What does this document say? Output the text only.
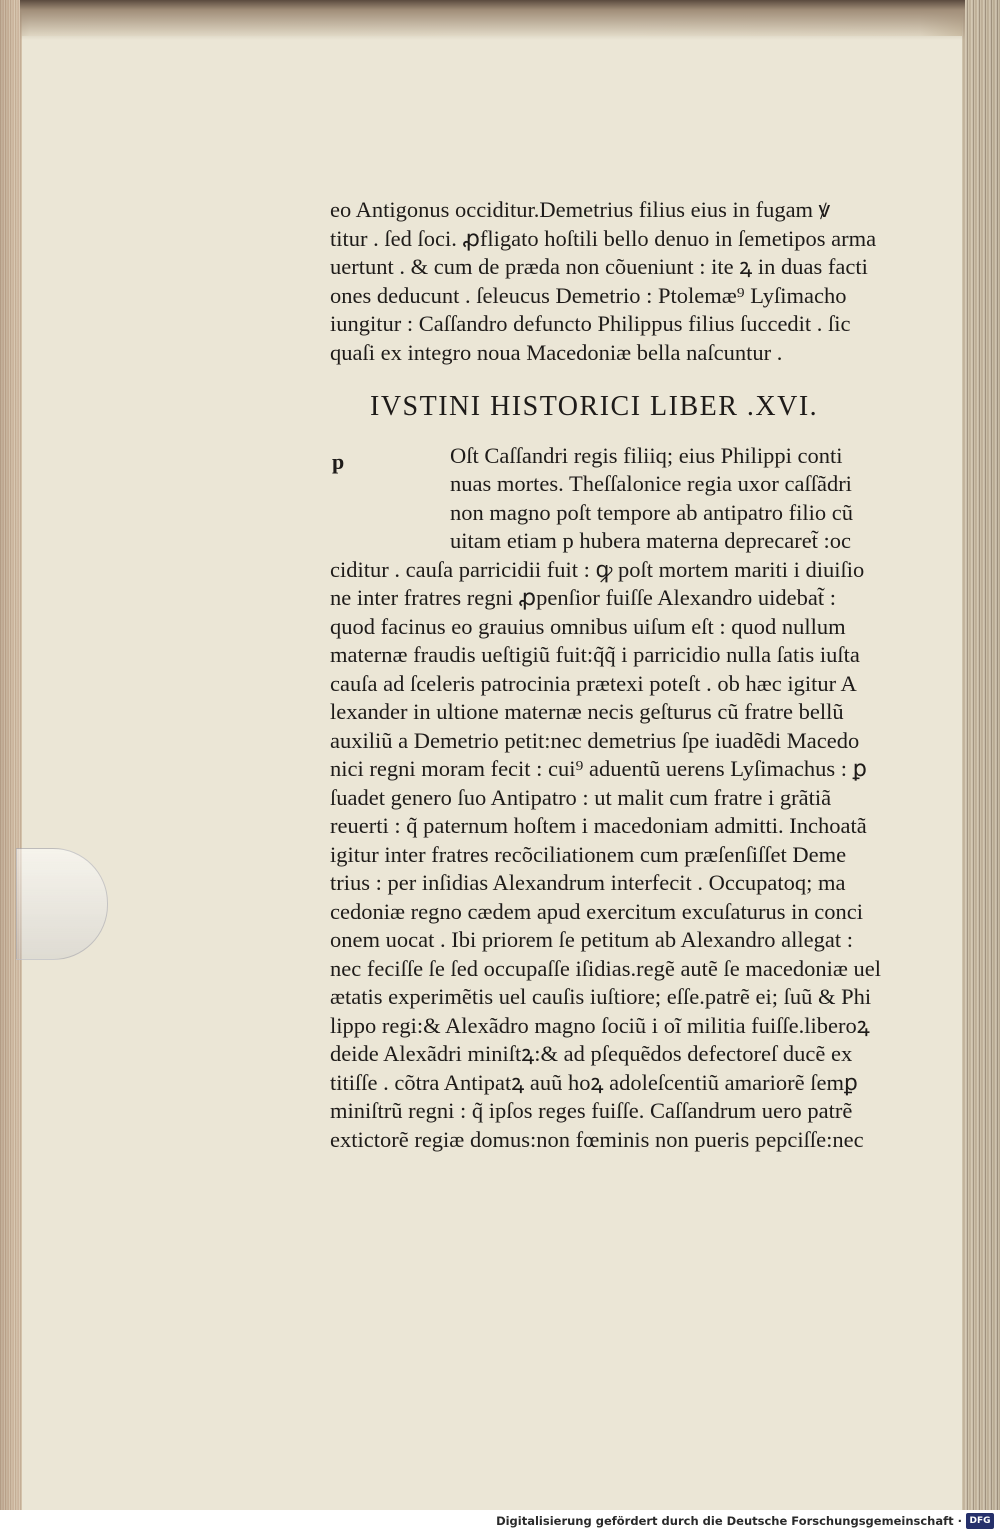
eo Antigonus occiditur.Demetrius filius eius in fugam ꝟ
titur . ſed ſoci. ꝓfligato hoſtili bello denuo in ſemetipos arma
uertunt . & cum de præda non cõueniunt : ite ꝝ in duas facti
ones deducunt . ſeleucus Demetrio : Ptolemæ⁹ Lyſimacho
iungitur : Caſſandro defuncto Philippus filius ſuccedit . ſic
quaſi ex integro noua Macedoniæ bella naſcuntur .
IVSTINI HISTORICI LIBER .XVI.
p	Oſt Caſſandri regis filiiq; eius Philippi conti
nuas mortes. Theſſalonice regia uxor caſſãdri
non magno poſt tempore ab antipatro filio cũ
uitam etiam p hubera materna deprecaret̃ :oc
ciditur . cauſa parricidii fuit : ꝙ poſt mortem mariti i diuiſio
ne inter fratres regni ꝓpenſior fuiſſe Alexandro uidebat̃ :
quod facinus eo grauius omnibus uiſum eſt : quod nullum
maternæ fraudis ueſtigiũ fuit:q̃q̃ i parricidio nulla ſatis iuſta
cauſa ad ſceleris patrocinia prætexi poteſt . ob hæc igitur A
lexander in ultione maternæ necis geſturus cũ fratre bellũ
auxiliũ a Demetrio petit:nec demetrius ſpe iuadẽdi Macedo
nici regni moram fecit : cui⁹ aduentũ uerens Lyſimachus : ꝑ
ſuadet genero ſuo Antipatro : ut malit cum fratre i grãtiã
reuerti : q̃ paternum hoſtem i macedoniam admitti. Inchoatã
igitur inter fratres recõciliationem cum præſenſiſſet Deme
trius : per inſidias Alexandrum interfecit . Occupatoq; ma
cedoniæ regno cædem apud exercitum excuſaturus in conci
onem uocat . Ibi priorem ſe petitum ab Alexandro allegat :
nec feciſſe ſe ſed occupaſſe iſidias.regẽ autẽ ſe macedoniæ uel
ætatis experimẽtis uel cauſis iuſtiore; eſſe.patrẽ ei; ſuũ & Phi
lippo regi:& Alexãdro magno ſociũ i oĩ militia fuiſſe.liberoꝝ
deide Alexãdri miniſtꝝ:& ad pſequẽdos defectoreſ ducẽ ex
titiſſe . cõtra Antipatꝝ auũ hoꝝ adoleſcentiũ amariorẽ ſemꝑ
miniſtrũ regni : q̃ ipſos reges fuiſſe. Caſſandrum uero patrẽ
extictorẽ regiæ domus:non fœminis non pueris pepciſſe:nec
Digitalisierung gefördert durch die Deutsche Forschungsgemeinschaft · DFG
